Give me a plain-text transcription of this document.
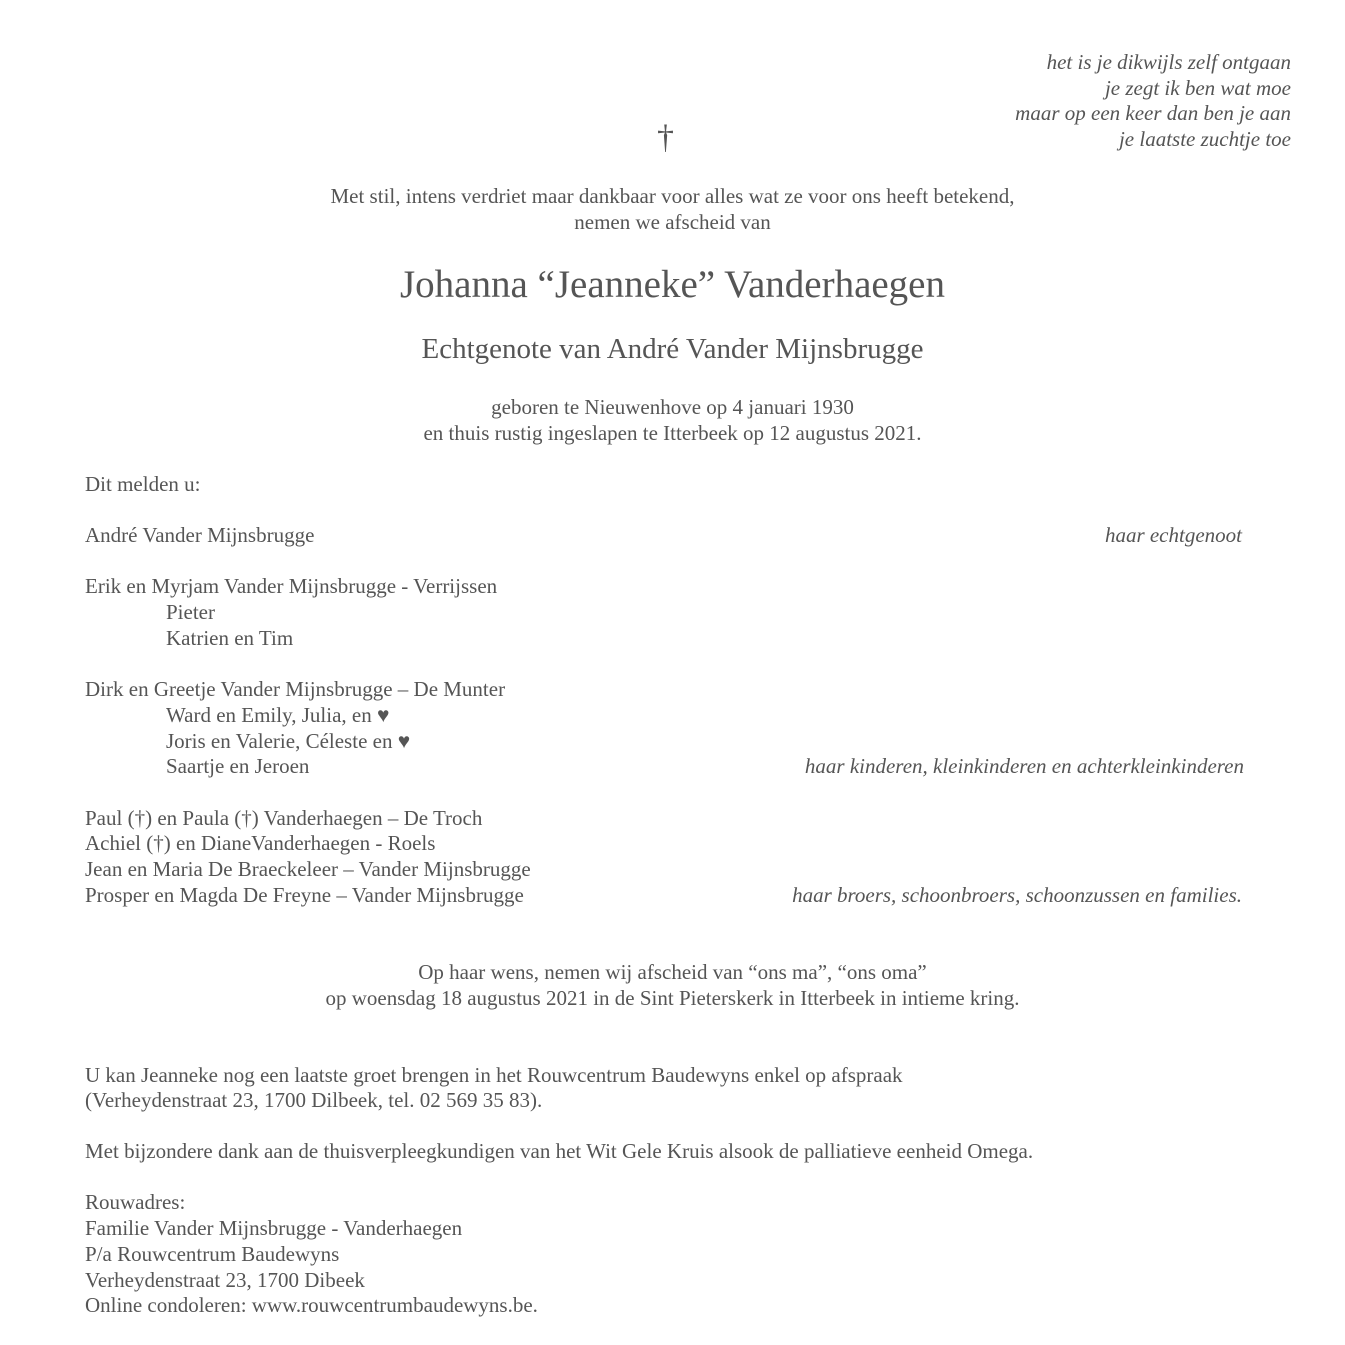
het is je dikwijls zelf ontgaan
je zegt ik ben wat moe
maar op een keer dan ben je aan
je laatste zuchtje toe
†
Met stil, intens verdriet maar dankbaar voor alles wat ze voor ons heeft betekend,
nemen we afscheid van
Johanna “Jeanneke” Vanderhaegen
Echtgenote van André Vander Mijnsbrugge
geboren te Nieuwenhove op 4 januari 1930
en thuis rustig ingeslapen te Itterbeek op 12 augustus 2021.
Dit melden u:
André Vander Mijnsbrugge	haar echtgenoot
Erik en Myrjam Vander Mijnsbrugge - Verrijssen
Pieter
Katrien en Tim
Dirk en Greetje Vander Mijnsbrugge – De Munter
Ward en Emily, Julia, en ♥
Joris en Valerie, Céleste en ♥
Saartje en Jeroen	haar kinderen, kleinkinderen en achterkleinkinderen
Paul (†) en Paula (†) Vanderhaegen – De Troch
Achiel (†) en DianeVanderhaegen - Roels
Jean en Maria De Braeckeleer – Vander Mijnsbrugge
Prosper en Magda De Freyne – Vander Mijnsbrugge	haar broers, schoonbroers, schoonzussen en families.
Op haar wens, nemen wij afscheid van “ons ma”, “ons oma”
op woensdag 18 augustus 2021 in de Sint Pieterskerk in Itterbeek in intieme kring.
U kan Jeanneke nog een laatste groet brengen in het Rouwcentrum Baudewyns enkel op afspraak
(Verheydenstraat 23, 1700 Dilbeek, tel. 02 569 35 83).
Met bijzondere dank aan de thuisverpleegkundigen van het Wit Gele Kruis alsook de palliatieve eenheid Omega.
Rouwadres:
Familie Vander Mijnsbrugge - Vanderhaegen
P/a Rouwcentrum Baudewyns
Verheydenstraat 23, 1700 Dibeek
Online condoleren: www.rouwcentrumbaudewyns.be.
